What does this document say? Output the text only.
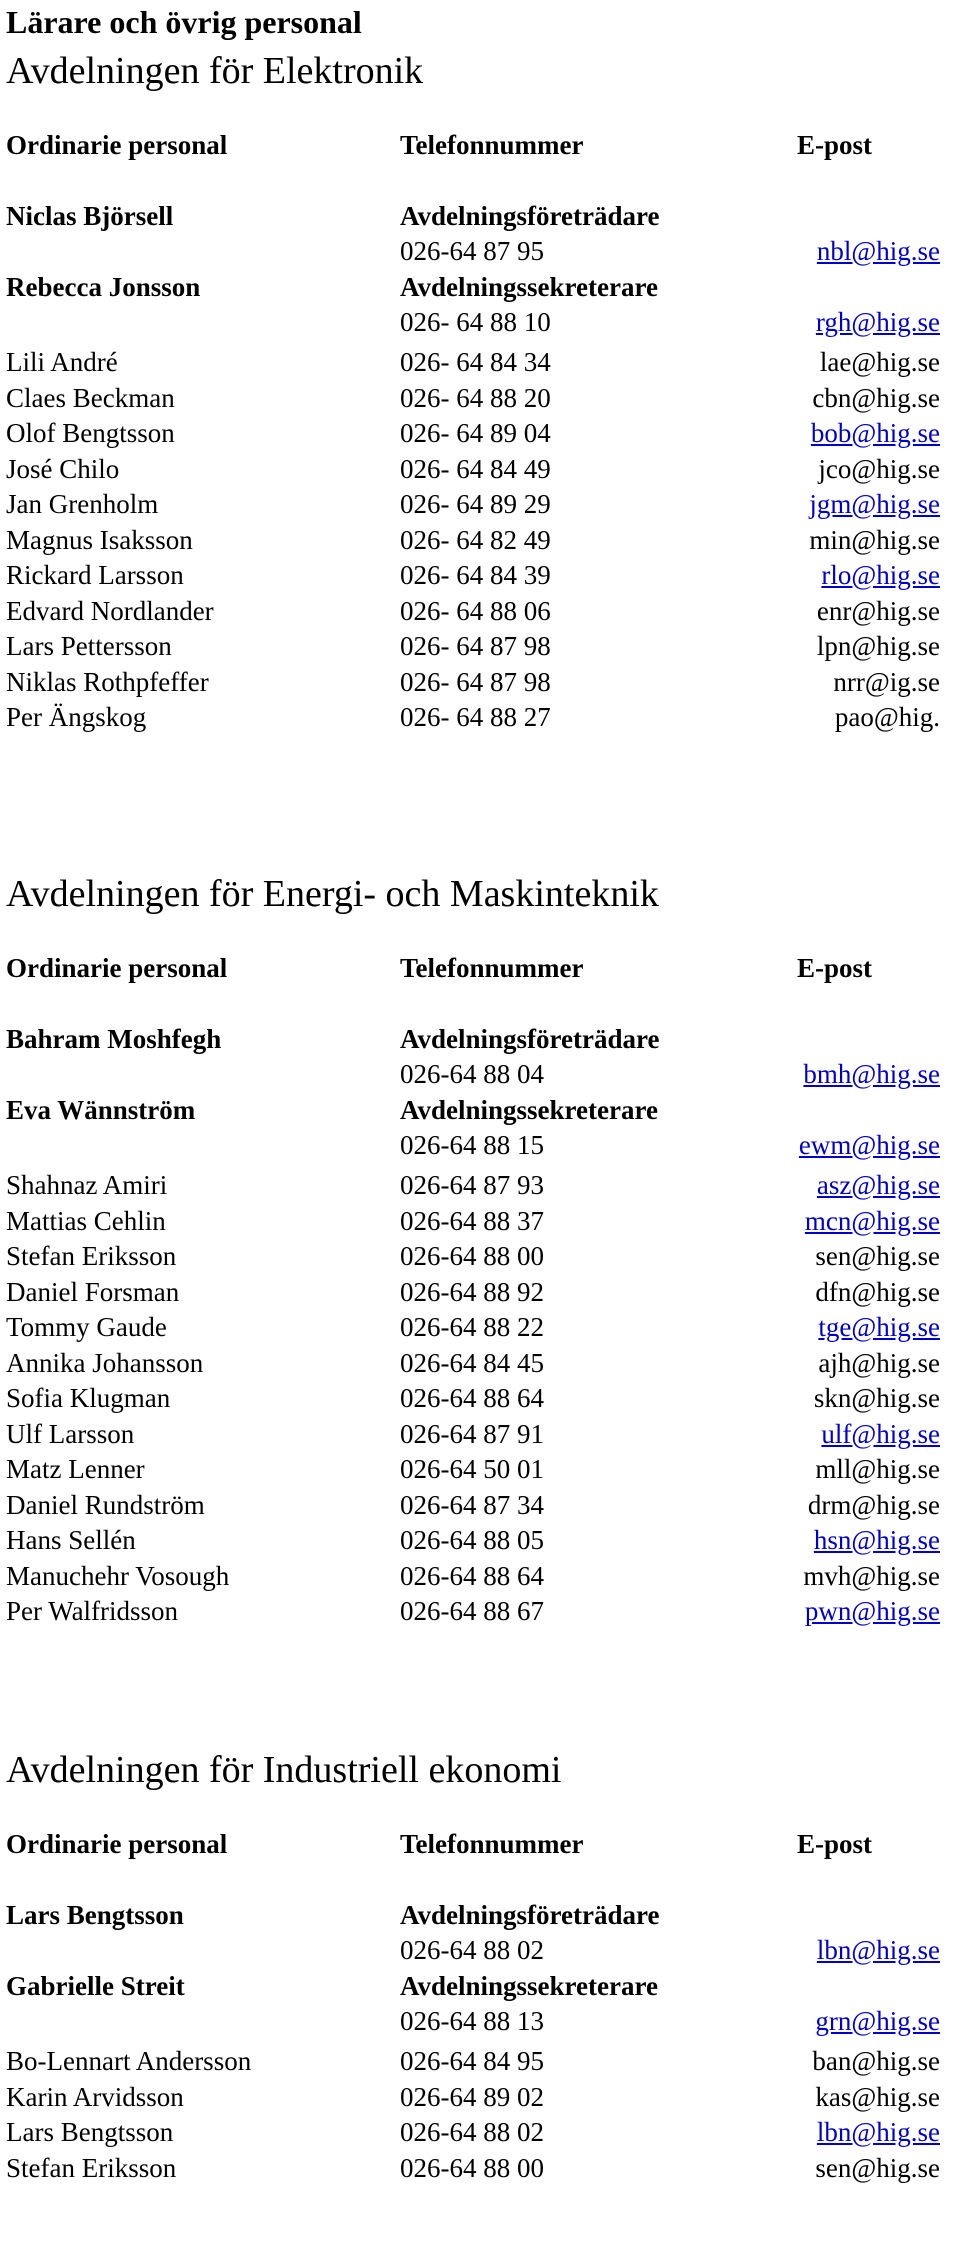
Lärare och övrig personal
Avdelningen för Elektronik
Ordinarie personal	Telefonnummer	E-post
Niclas Björsell	Avdelningsföreträdare
026-64 87 95	nbl@hig.se
Rebecca Jonsson	Avdelningssekreterare
026- 64 88 10	rgh@hig.se
Lili André	026- 64 84 34	lae@hig.se
Claes Beckman	026- 64 88 20	cbn@hig.se
Olof Bengtsson	026- 64 89 04	bob@hig.se
José Chilo	026- 64 84 49	jco@hig.se
Jan Grenholm	026- 64 89 29	jgm@hig.se
Magnus Isaksson	026- 64 82 49	min@hig.se
Rickard Larsson	026- 64 84 39	rlo@hig.se
Edvard Nordlander	026- 64 88 06	enr@hig.se
Lars Pettersson	026- 64 87 98	lpn@hig.se
Niklas Rothpfeffer	026- 64 87 98	nrr@ig.se
Per Ängskog	026- 64 88 27	pao@hig.
Avdelningen för Energi- och Maskinteknik
Ordinarie personal	Telefonnummer	E-post
Bahram Moshfegh	Avdelningsföreträdare
026-64 88 04	bmh@hig.se
Eva Wännström	Avdelningssekreterare
026-64 88 15	ewm@hig.se
Shahnaz Amiri	026-64 87 93	asz@hig.se
Mattias Cehlin	026-64 88 37	mcn@hig.se
Stefan Eriksson	026-64 88 00	sen@hig.se
Daniel Forsman	026-64 88 92	dfn@hig.se
Tommy Gaude	026-64 88 22	tge@hig.se
Annika Johansson	026-64 84 45	ajh@hig.se
Sofia Klugman	026-64 88 64	skn@hig.se
Ulf Larsson	026-64 87 91	ulf@hig.se
Matz Lenner	026-64 50 01	mll@hig.se
Daniel Rundström	026-64 87 34	drm@hig.se
Hans Sellén	026-64 88 05	hsn@hig.se
Manuchehr Vosough	026-64 88 64	mvh@hig.se
Per Walfridsson	026-64 88 67	pwn@hig.se
Avdelningen för Industriell ekonomi
Ordinarie personal	Telefonnummer	E-post
Lars Bengtsson	Avdelningsföreträdare
026-64 88 02	lbn@hig.se
Gabrielle Streit	Avdelningssekreterare
026-64 88 13	grn@hig.se
Bo-Lennart Andersson	026-64 84 95	ban@hig.se
Karin Arvidsson	026-64 89 02	kas@hig.se
Lars Bengtsson	026-64 88 02	lbn@hig.se
Stefan Eriksson	026-64 88 00	sen@hig.se
